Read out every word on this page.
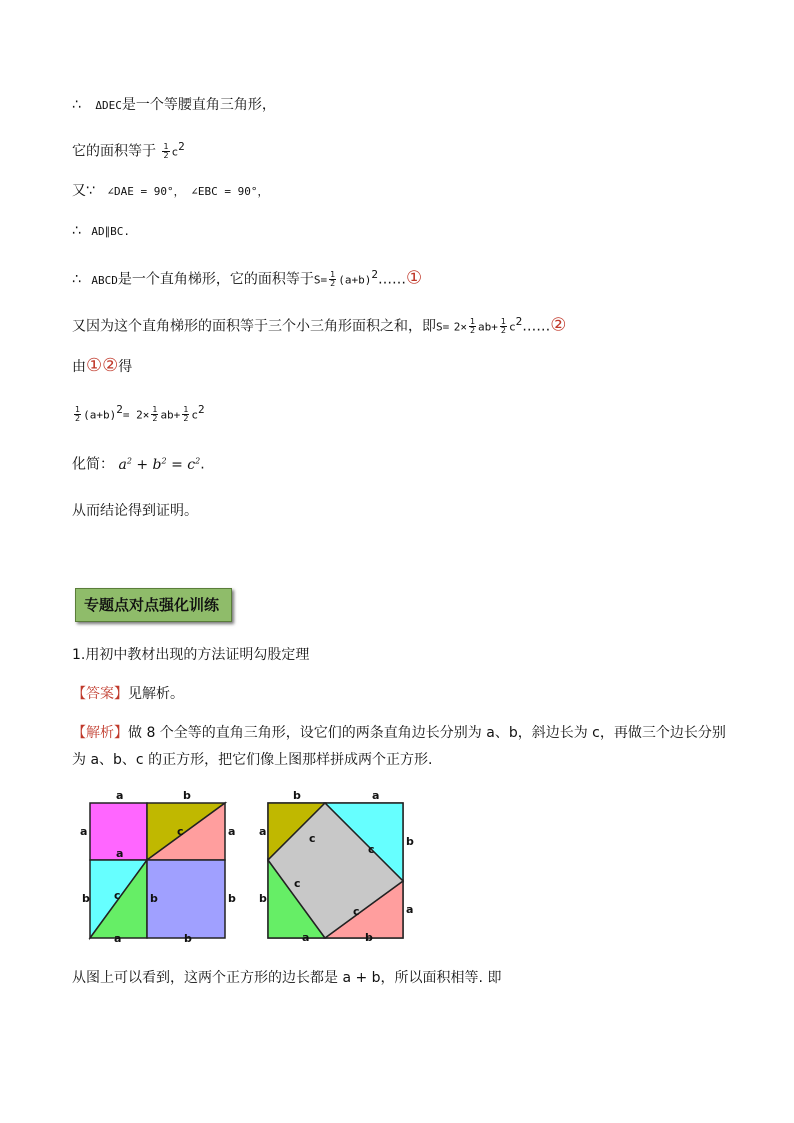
∴ ΔDEC是一个等腰直角三角形，
它的面积等于 $\frac{1}{2} c^2$
又∵ ∠DAE = 90°， ∠EBC = 90°，
∴ AD∥BC.
∴ ABCD是一个直角梯形，它的面积等于$S= \frac{1}{2}$ $(a+b)^2\dots\dots ①$
又因为这个直角梯形的面积等于三个小三角形面积之和，即$S= 2\times \frac{1}{2} ab+ \frac{1}{2}$ $c^2\dots\dots ②$
由①②得
$\frac{1}{2} (a+b)^2= 2\times \frac{1}{2} ab+ \frac{1}{2} c^2$
化简： $a^2 + b^2 = c^2$.
从而结论得到证明。
专题点对点强化训练
1.用初中教材出现的方法证明勾股定理
【答案】见解析。
【解析】做 8 个全等的直角三角形，设它们的两条直角边长分别为 a、b，斜边长为 c，再做三个边长分别
为 a、b、c 的正方形，把它们像上图那样拼成两个正方形.
a	b
a	a
a
c
b	b	b
c
b	a
a
b
c
c
c
c
b
a
a	b
a	b
从图上可以看到，这两个正方形的边长都是 a + b，所以面积相等. 即
